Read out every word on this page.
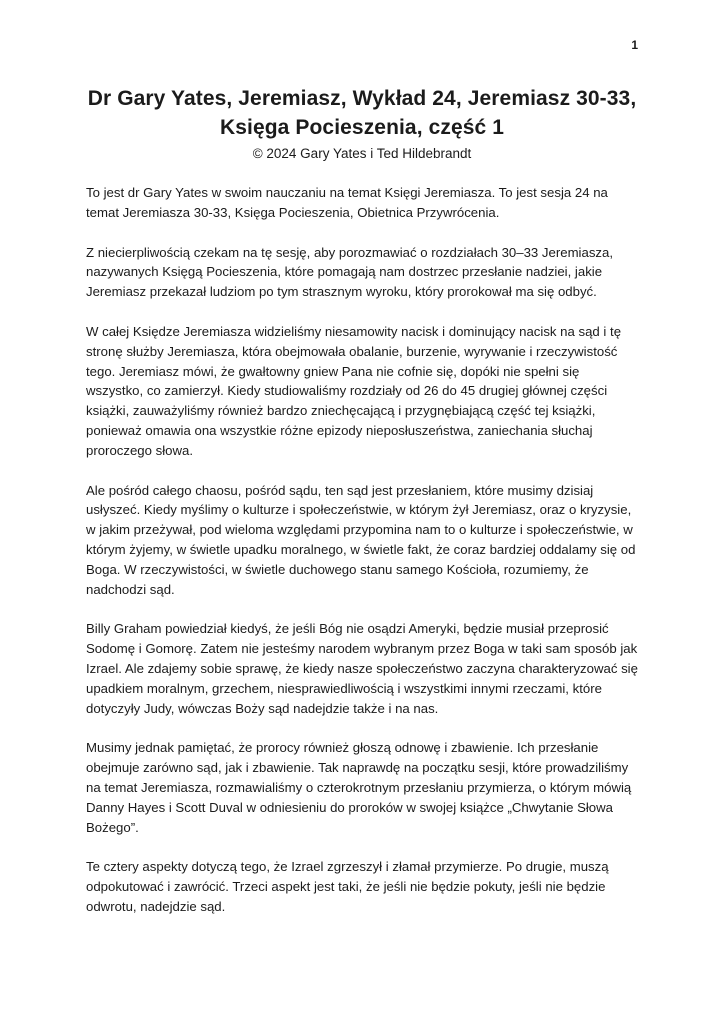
1
Dr Gary Yates, Jeremiasz, Wykład 24, Jeremiasz 30-33,
Księga Pocieszenia, część 1
© 2024 Gary Yates i Ted Hildebrandt

To jest dr Gary Yates w swoim nauczaniu na temat Księgi Jeremiasza. To jest sesja 24 na temat Jeremiasza 30-33, Księga Pocieszenia, Obietnica Przywrócenia.

Z niecierpliwością czekam na tę sesję, aby porozmawiać o rozdziałach 30–33 Jeremiasza, nazywanych Księgą Pocieszenia, które pomagają nam dostrzec przesłanie nadziei, jakie Jeremiasz przekazał ludziom po tym strasznym wyroku, który prorokował ma się odbyć.

W całej Księdze Jeremiasza widzieliśmy niesamowity nacisk i dominujący nacisk na sąd i tę stronę służby Jeremiasza, która obejmowała obalanie, burzenie, wyrywanie i rzeczywistość tego. Jeremiasz mówi, że gwałtowny gniew Pana nie cofnie się, dopóki nie spełni się wszystko, co zamierzył. Kiedy studiowaliśmy rozdziały od 26 do 45 drugiej głównej części książki, zauważyliśmy również bardzo zniechęcającą i przygnębiającą część tej książki, ponieważ omawia ona wszystkie różne epizody nieposłuszeństwa, zaniechania słuchaj proroczego słowa.

Ale pośród całego chaosu, pośród sądu, ten sąd jest przesłaniem, które musimy dzisiaj usłyszeć. Kiedy myślimy o kulturze i społeczeństwie, w którym żył Jeremiasz, oraz o kryzysie, w jakim przeżywał, pod wieloma względami przypomina nam to o kulturze i społeczeństwie, w którym żyjemy, w świetle upadku moralnego, w świetle fakt, że coraz bardziej oddalamy się od Boga. W rzeczywistości, w świetle duchowego stanu samego Kościoła, rozumiemy, że nadchodzi sąd.

Billy Graham powiedział kiedyś, że jeśli Bóg nie osądzi Ameryki, będzie musiał przeprosić Sodomę i Gomorę. Zatem nie jesteśmy narodem wybranym przez Boga w taki sam sposób jak Izrael. Ale zdajemy sobie sprawę, że kiedy nasze społeczeństwo zaczyna charakteryzować się upadkiem moralnym, grzechem, niesprawiedliwością i wszystkimi innymi rzeczami, które dotyczyły Judy, wówczas Boży sąd nadejdzie także i na nas.

Musimy jednak pamiętać, że prorocy również głoszą odnowę i zbawienie. Ich przesłanie obejmuje zarówno sąd, jak i zbawienie. Tak naprawdę na początku sesji, które prowadziliśmy na temat Jeremiasza, rozmawialiśmy o czterokrotnym przesłaniu przymierza, o którym mówią Danny Hayes i Scott Duval w odniesieniu do proroków w swojej książce „Chwytanie Słowa Bożego”.

Te cztery aspekty dotyczą tego, że Izrael zgrzeszył i złamał przymierze. Po drugie, muszą odpokutować i zawrócić. Trzeci aspekt jest taki, że jeśli nie będzie pokuty, jeśli nie będzie odwrotu, nadejdzie sąd.
